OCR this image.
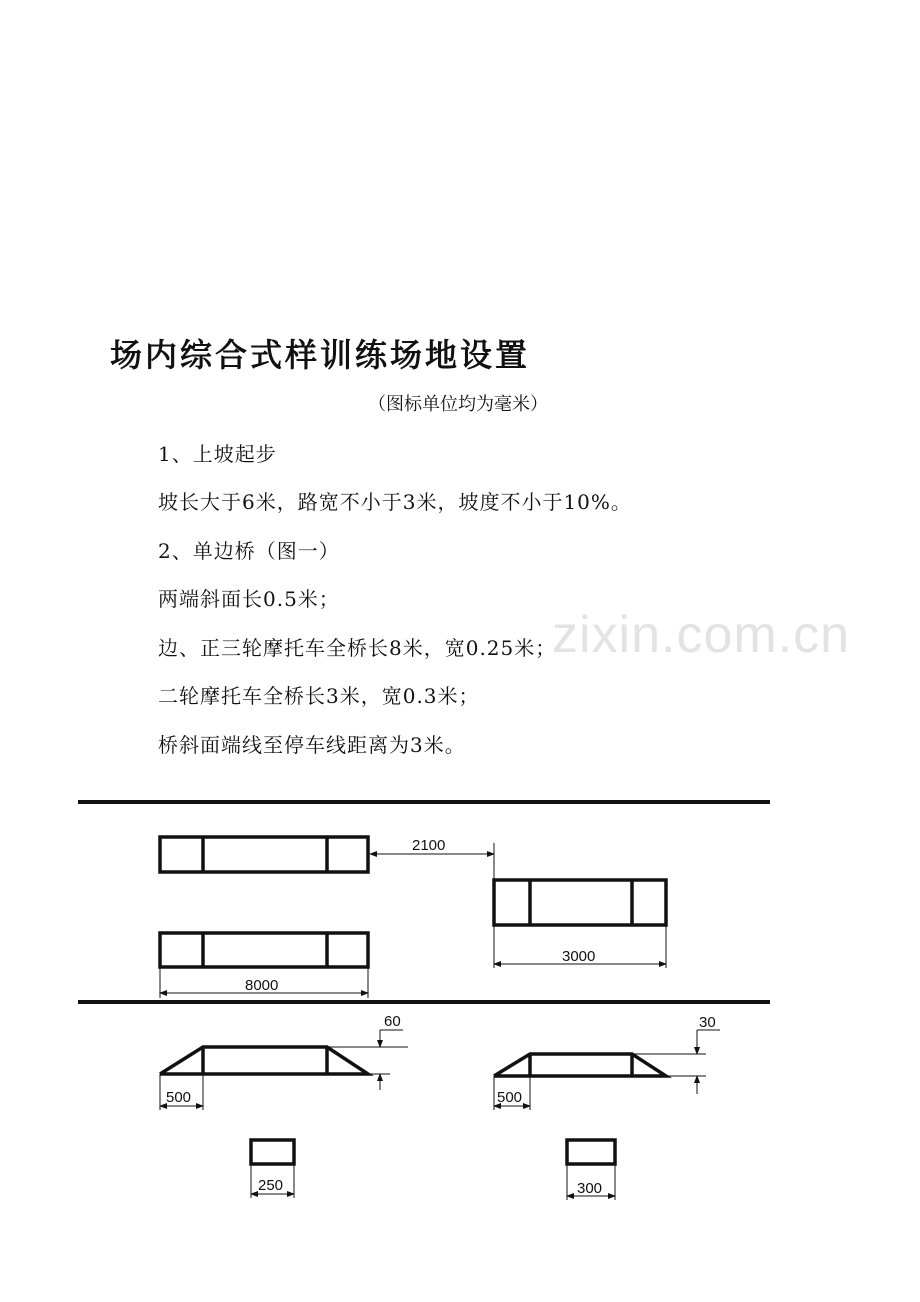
场内综合式样训练场地设置
（图标单位均为毫米）
1、上坡起步
坡长大于6米，路宽不小于3米，坡度不小于10%。
2、单边桥（图一）
两端斜面长0.5米；
边、正三轮摩托车全桥长8米，宽0.25米；
二轮摩托车全桥长3米，宽0.3米；
桥斜面端线至停车线距离为3米。
zixin.com.cn
2100
8000
3000
500
60
500
30
250	300
